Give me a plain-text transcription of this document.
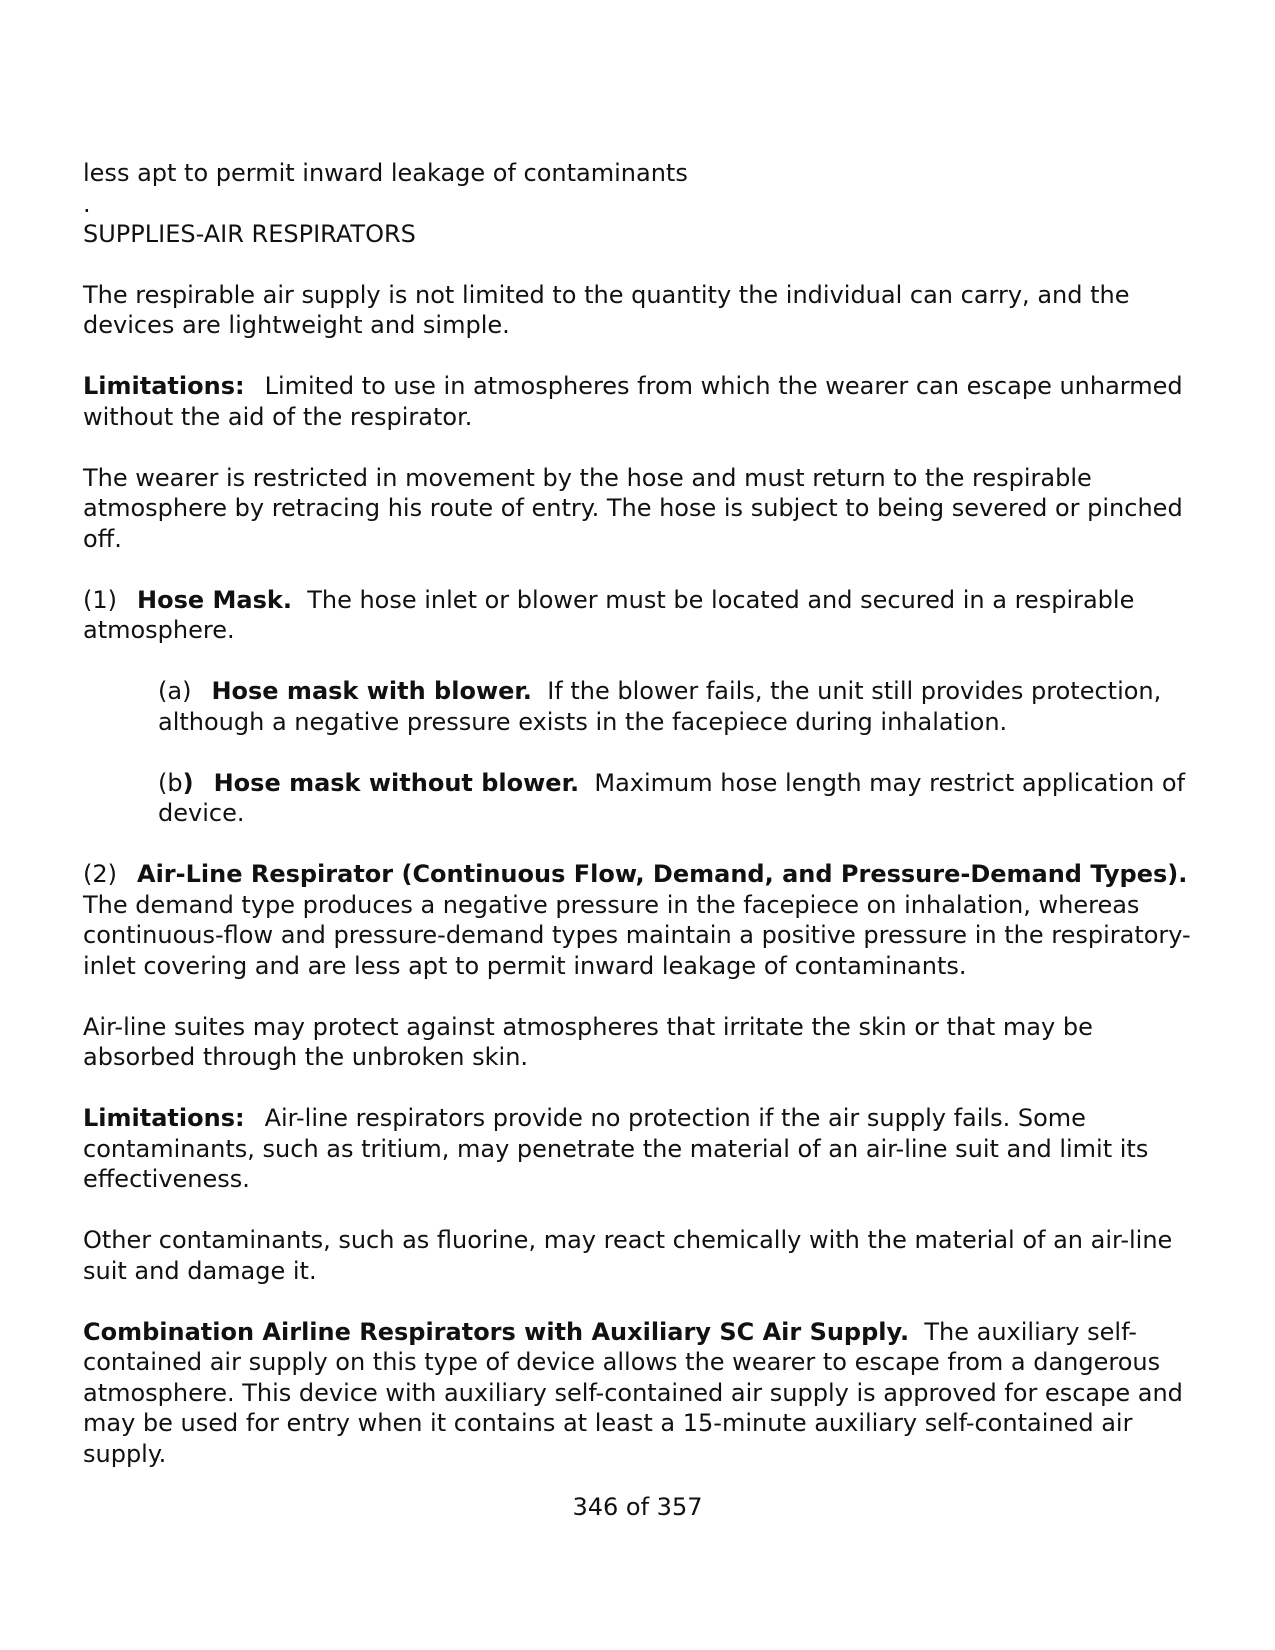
less apt to permit inward leakage of contaminants

.

SUPPLIES-AIR RESPIRATORS

The respirable air supply is not limited to the quantity the individual can carry, and the devices are lightweight and simple.

Limitations: Limited to use in atmospheres from which the wearer can escape unharmed without the aid of the respirator.

The wearer is restricted in movement by the hose and must return to the respirable atmosphere by retracing his route of entry. The hose is subject to being severed or pinched off.

(1) Hose Mask. The hose inlet or blower must be located and secured in a respirable atmosphere.

(a) Hose mask with blower. If the blower fails, the unit still provides protection, although a negative pressure exists in the facepiece during inhalation.

(b) Hose mask without blower. Maximum hose length may restrict application of device.

(2) Air-Line Respirator (Continuous Flow, Demand, and Pressure-Demand Types). The demand type produces a negative pressure in the facepiece on inhalation, whereas continuous-flow and pressure-demand types maintain a positive pressure in the respiratory-inlet covering and are less apt to permit inward leakage of contaminants.

Air-line suites may protect against atmospheres that irritate the skin or that may be absorbed through the unbroken skin.

Limitations: Air-line respirators provide no protection if the air supply fails. Some contaminants, such as tritium, may penetrate the material of an air-line suit and limit its effectiveness.

Other contaminants, such as fluorine, may react chemically with the material of an air-line suit and damage it.

Combination Airline Respirators with Auxiliary SC Air Supply. The auxiliary self-contained air supply on this type of device allows the wearer to escape from a dangerous atmosphere. This device with auxiliary self-contained air supply is approved for escape and may be used for entry when it contains at least a 15-minute auxiliary self-contained air supply.

346 of 357
